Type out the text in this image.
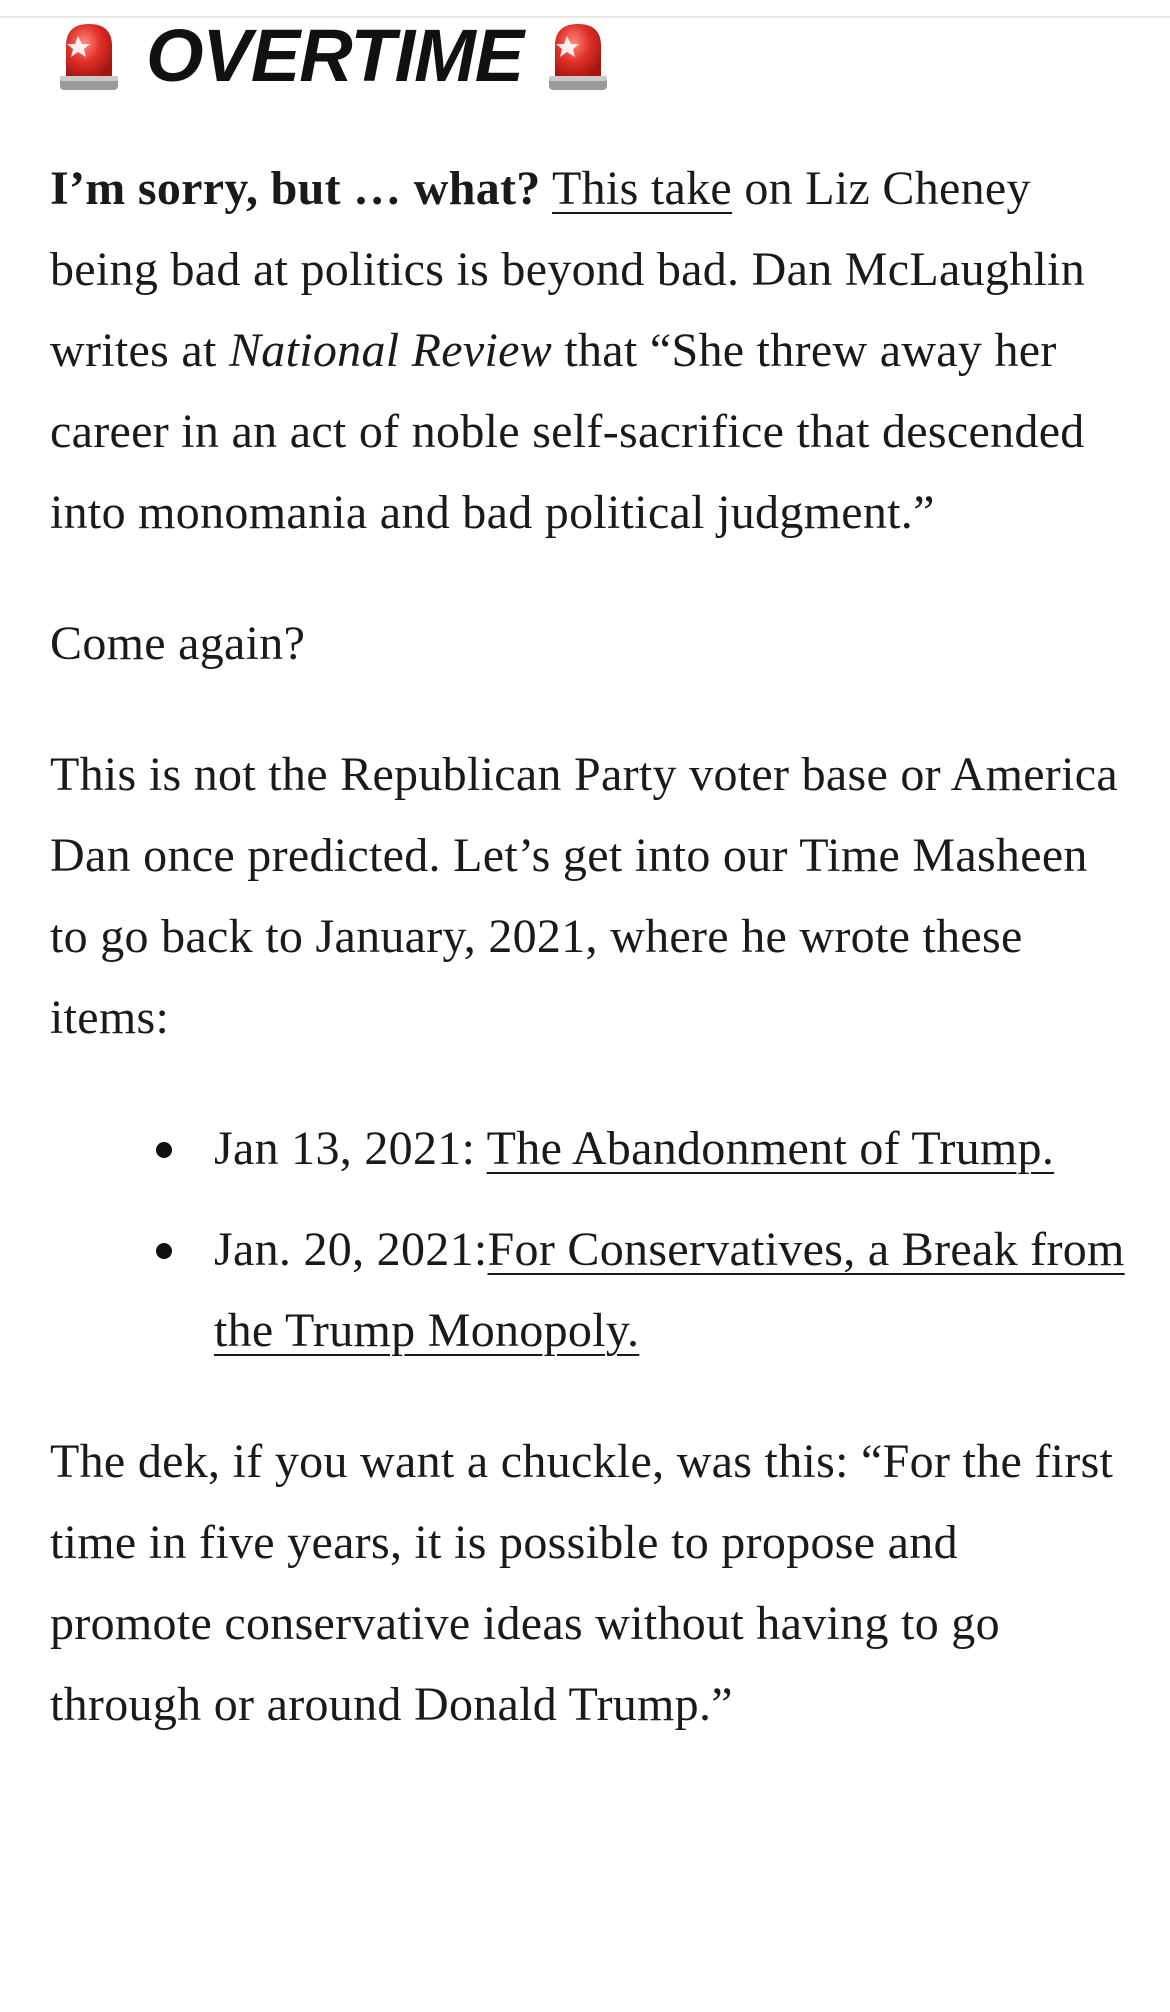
OVERTIME

I’m sorry, but … what? This take on Liz Cheney being bad at politics is beyond bad. Dan McLaughlin writes at National Review that “She threw away her career in an act of noble self-sacrifice that descended into monomania and bad political judgment.”

Come again?

This is not the Republican Party voter base or America Dan once predicted. Let’s get into our Time Masheen to go back to January, 2021, where he wrote these items:

Jan 13, 2021: The Abandonment of Trump.
Jan. 20, 2021:For Conservatives, a Break from the Trump Monopoly.

The dek, if you want a chuckle, was this: “For the first time in five years, it is possible to propose and promote conservative ideas without having to go through or around Donald Trump.”
